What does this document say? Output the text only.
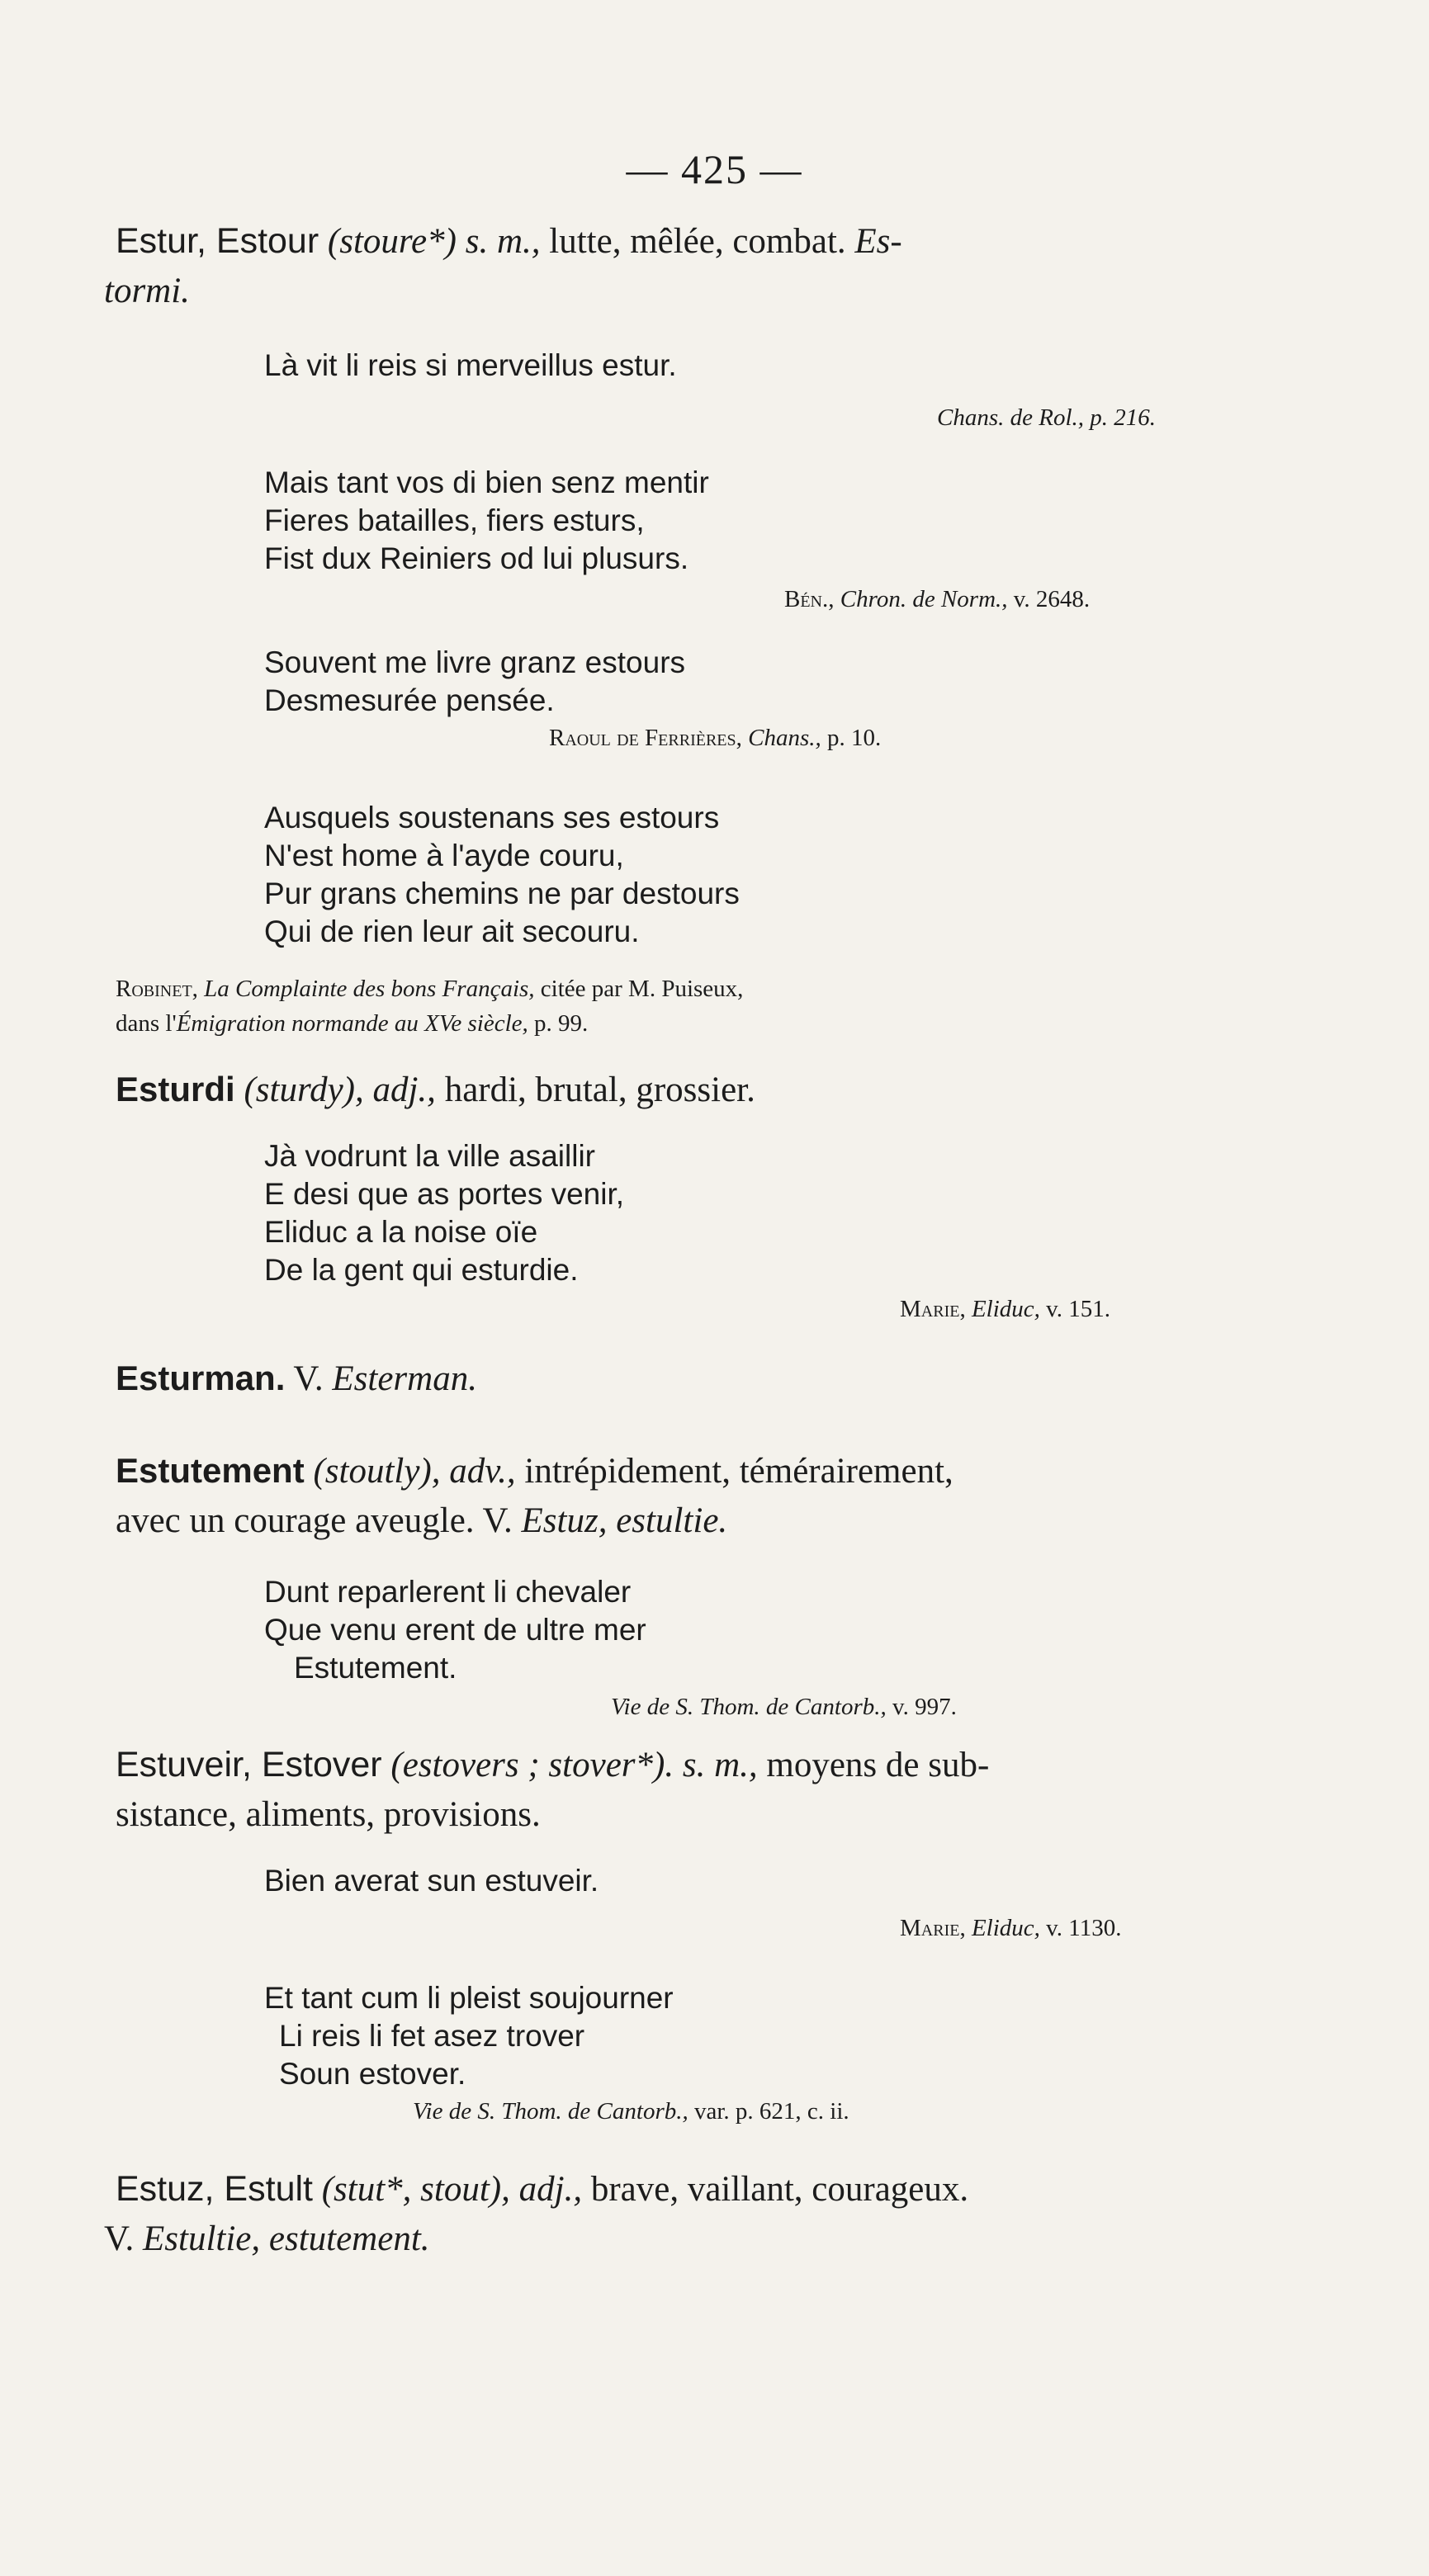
— 425 —
Estur, Estour (stoure*) s. m., lutte, mêlée, combat. Es-
tormi.
Là vit li reis si merveillus estur.
Chans. de Rol., p. 216.
Mais tant vos di bien senz mentir
Fieres batailles, fiers esturs,
Fist dux Reiniers od lui plusurs.
Bén., Chron. de Norm., v. 2648.
Souvent me livre granz estours
Desmesurée pensée.
Raoul de Ferrières, Chans., p. 10.
Ausquels soustenans ses estours
N'est home à l'ayde couru,
Pur grans chemins ne par destours
Qui de rien leur ait secouru.
Robinet, La Complainte des bons Français, citée par M. Puiseux,
dans l'Émigration normande au XVe siècle, p. 99.
Esturdi (sturdy), adj., hardi, brutal, grossier.
Jà vodrunt la ville asaillir
E desi que as portes venir,
Eliduc a la noise oïe
De la gent qui esturdie.
Marie, Eliduc, v. 151.
Esturman. V. Esterman.
Estutement (stoutly), adv., intrépidement, témérairement,
avec un courage aveugle. V. Estuz, estultie.
Dunt reparlerent li chevaler
Que venu erent de ultre mer
Estutement.
Vie de S. Thom. de Cantorb., v. 997.
Estuveir, Estover (estovers ; stover*). s. m., moyens de sub-
sistance, aliments, provisions.
Bien averat sun estuveir.
Marie, Eliduc, v. 1130.
Et tant cum li pleist soujourner
Li reis li fet asez trover
Soun estover.
Vie de S. Thom. de Cantorb., var. p. 621, c. ii.
Estuz, Estult (stut*, stout), adj., brave, vaillant, courageux.
V. Estultie, estutement.
